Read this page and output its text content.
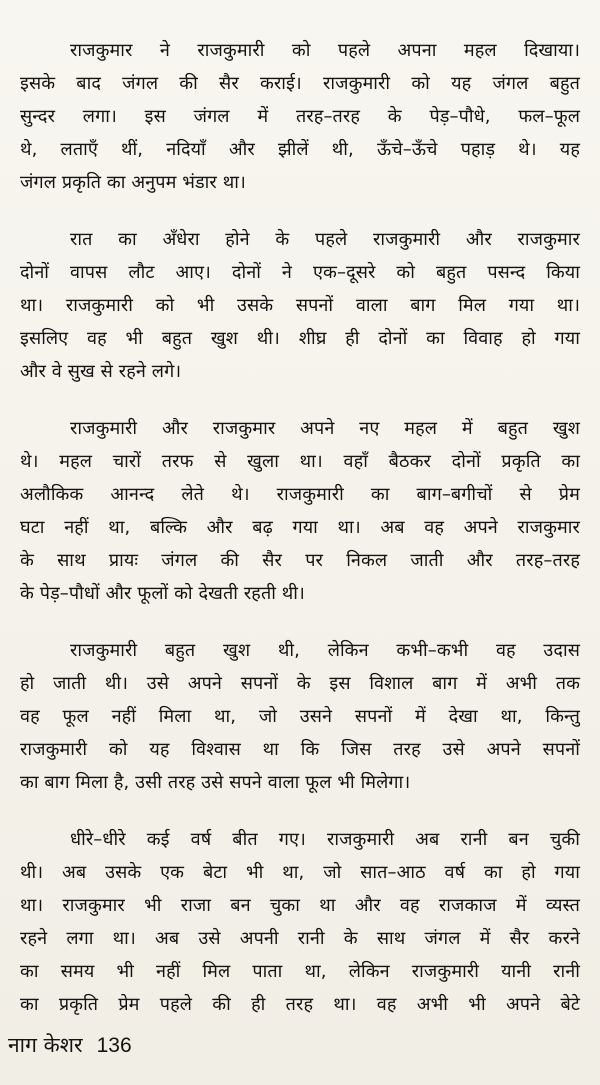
राजकुमार ने राजकुमारी को पहले अपना महल दिखाया।
इसके बाद जंगल की सैर कराई। राजकुमारी को यह जंगल बहुत
सुन्दर लगा। इस जंगल में तरह–तरह के पेड़–पौधे, फल–फूल
थे, लताएँ थीं, नदियाँ और झीलें थी, ऊँचे–ऊँचे पहाड़ थे। यह
जंगल प्रकृति का अनुपम भंडार था।
रात का अँधेरा होने के पहले राजकुमारी और राजकुमार
दोनों वापस लौट आए। दोनों ने एक–दूसरे को बहुत पसन्द किया
था। राजकुमारी को भी उसके सपनों वाला बाग मिल गया था।
इसलिए वह भी बहुत खुश थी। शीघ्र ही दोनों का विवाह हो गया
और वे सुख से रहने लगे।
राजकुमारी और राजकुमार अपने नए महल में बहुत खुश
थे। महल चारों तरफ से खुला था। वहाँ बैठकर दोनों प्रकृति का
अलौकिक आनन्द लेते थे। राजकुमारी का बाग–बगीचों से प्रेम
घटा नहीं था, बल्कि और बढ़ गया था। अब वह अपने राजकुमार
के साथ प्रायः जंगल की सैर पर निकल जाती और तरह–तरह
के पेड़–पौधों और फूलों को देखती रहती थी।
राजकुमारी बहुत खुश थी, लेकिन कभी–कभी वह उदास
हो जाती थी। उसे अपने सपनों के इस विशाल बाग में अभी तक
वह फूल नहीं मिला था, जो उसने सपनों में देखा था, किन्तु
राजकुमारी को यह विश्वास था कि जिस तरह उसे अपने सपनों
का बाग मिला है, उसी तरह उसे सपने वाला फूल भी मिलेगा।
धीरे–धीरे कई वर्ष बीत गए। राजकुमारी अब रानी बन चुकी
थी। अब उसके एक बेटा भी था, जो सात–आठ वर्ष का हो गया
था। राजकुमार भी राजा बन चुका था और वह राजकाज में व्यस्त
रहने लगा था। अब उसे अपनी रानी के साथ जंगल में सैर करने
का समय भी नहीं मिल पाता था, लेकिन राजकुमारी यानी रानी
का प्रकृति प्रेम पहले की ही तरह था। वह अभी भी अपने बेटे
नाग केशर 136
